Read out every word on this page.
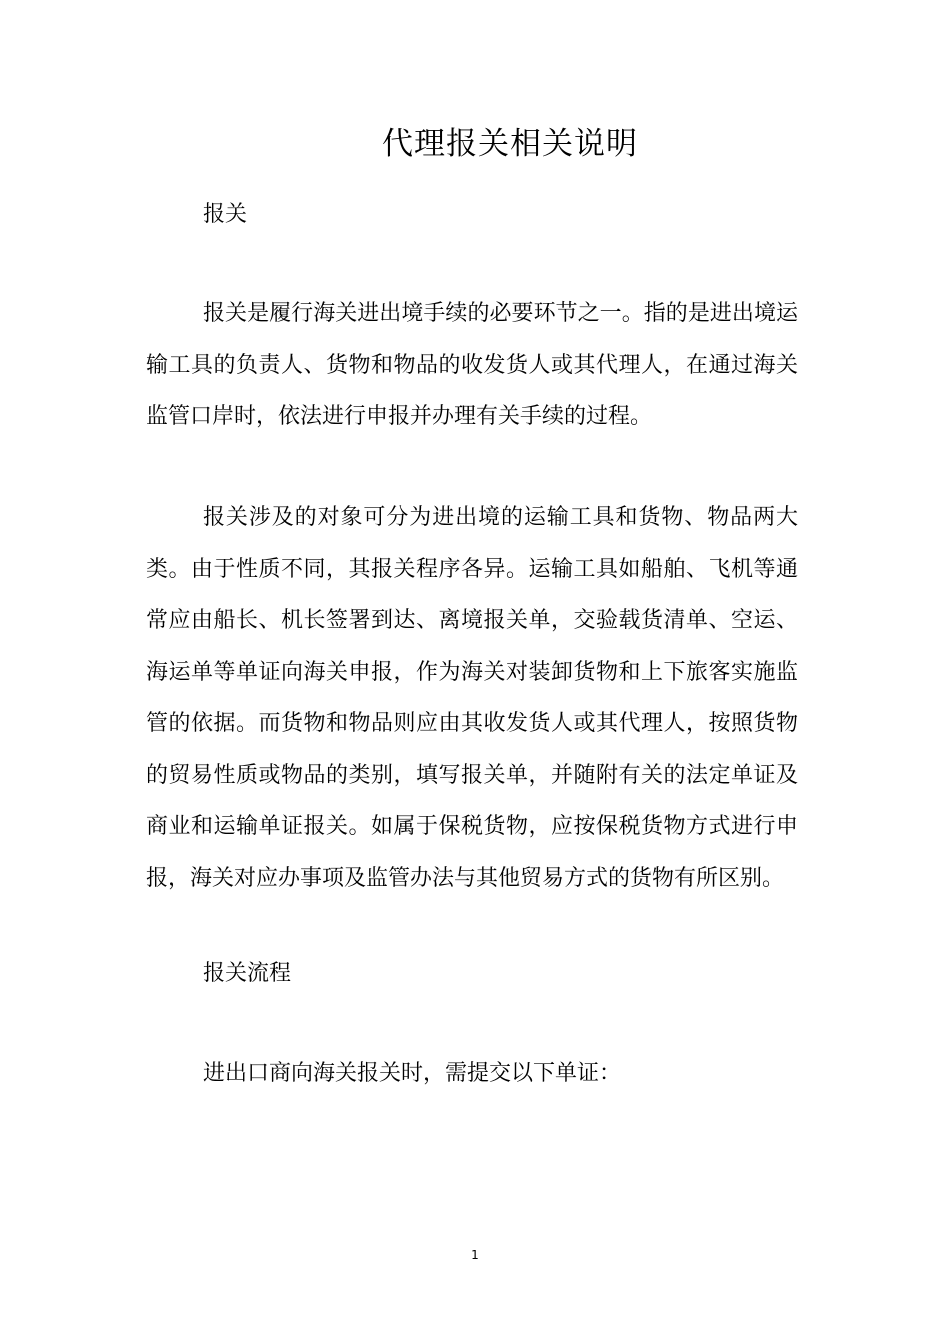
代理报关相关说明
报关

报关是履行海关进出境手续的必要环节之一。指的是进出境运输工具的负责人、货物和物品的收发货人或其代理人，在通过海关监管口岸时，依法进行申报并办理有关手续的过程。

报关涉及的对象可分为进出境的运输工具和货物、物品两大类。由于性质不同，其报关程序各异。运输工具如船舶、飞机等通常应由船长、机长签署到达、离境报关单，交验载货清单、空运、海运单等单证向海关申报，作为海关对装卸货物和上下旅客实施监管的依据。而货物和物品则应由其收发货人或其代理人，按照货物的贸易性质或物品的类别，填写报关单，并随附有关的法定单证及商业和运输单证报关。如属于保税货物，应按保税货物方式进行申报，海关对应办事项及监管办法与其他贸易方式的货物有所区别。

报关流程

进出口商向海关报关时，需提交以下单证：

1
